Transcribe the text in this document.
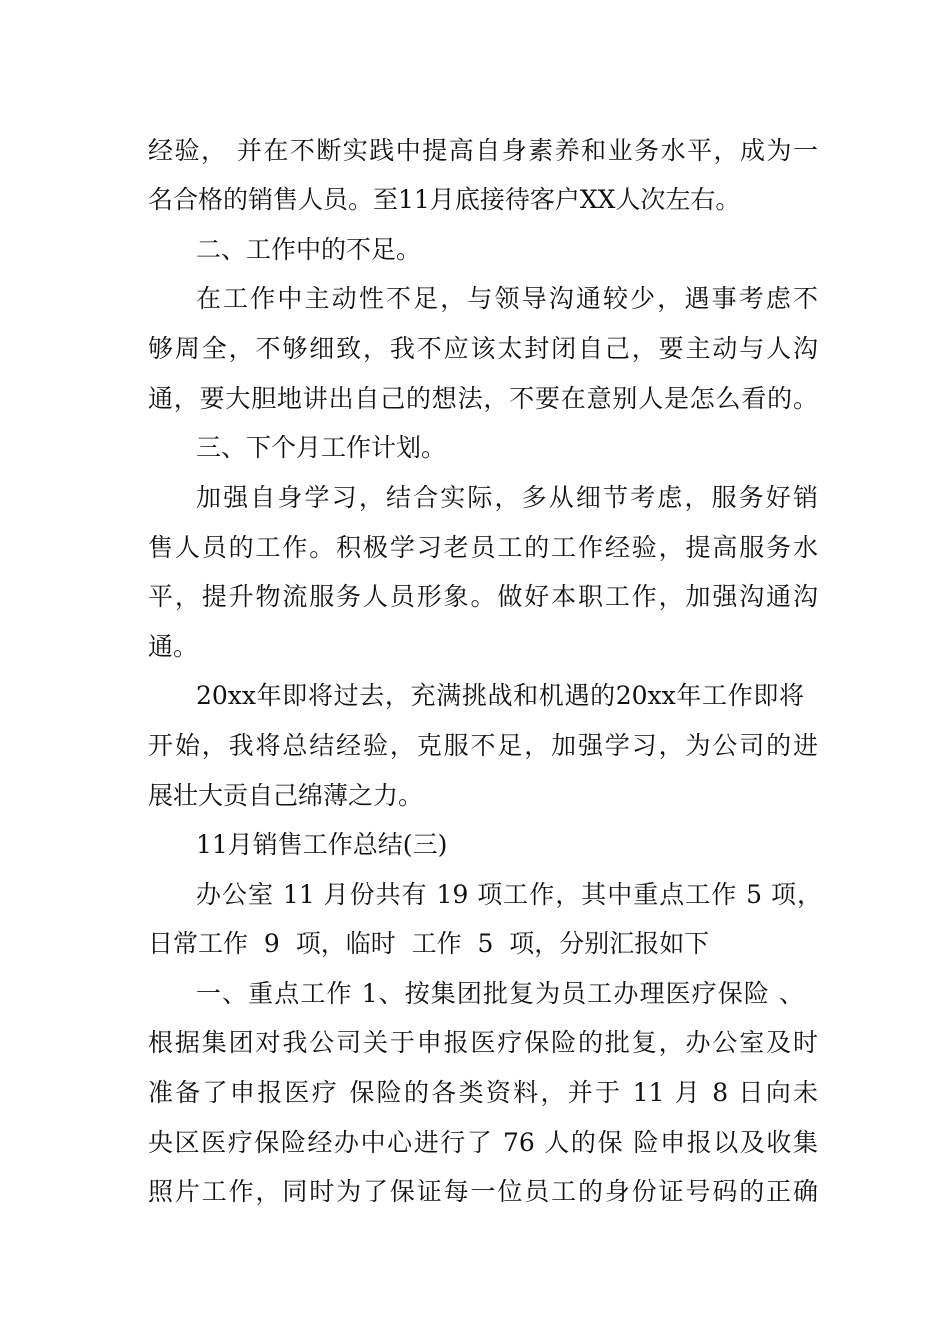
经验， 并在不断实践中提高自身素养和业务水平，成为一
名合格的销售人员。至11月底接待客户XX人次左右。
二、工作中的不足。
在工作中主动性不足，与领导沟通较少，遇事考虑不
够周全，不够细致，我不应该太封闭自己，要主动与人沟
通，要大胆地讲出自己的想法，不要在意别人是怎么看的。
三、下个月工作计划。
加强自身学习，结合实际，多从细节考虑，服务好销
售人员的工作。积极学习老员工的工作经验，提高服务水
平，提升物流服务人员形象。做好本职工作，加强沟通沟
通。
20xx年即将过去，充满挑战和机遇的20xx年工作即将
开始，我将总结经验，克服不足，加强学习，为公司的进
展壮大贡自己绵薄之力。
11月销售工作总结(三)
办公室 11 月份共有 19 项工作，其中重点工作 5 项，
日常工作  9  项，临时  工作  5  项，分别汇报如下
一、重点工作 1、按集团批复为员工办理医疗保险 、
根据集团对我公司关于申报医疗保险的批复，办公室及时
准备了申报医疗 保险的各类资料，并于 11 月 8 日向未
央区医疗保险经办中心进行了 76 人的保 险申报以及收集
照片工作，同时为了保证每一位员工的身份证号码的正确
